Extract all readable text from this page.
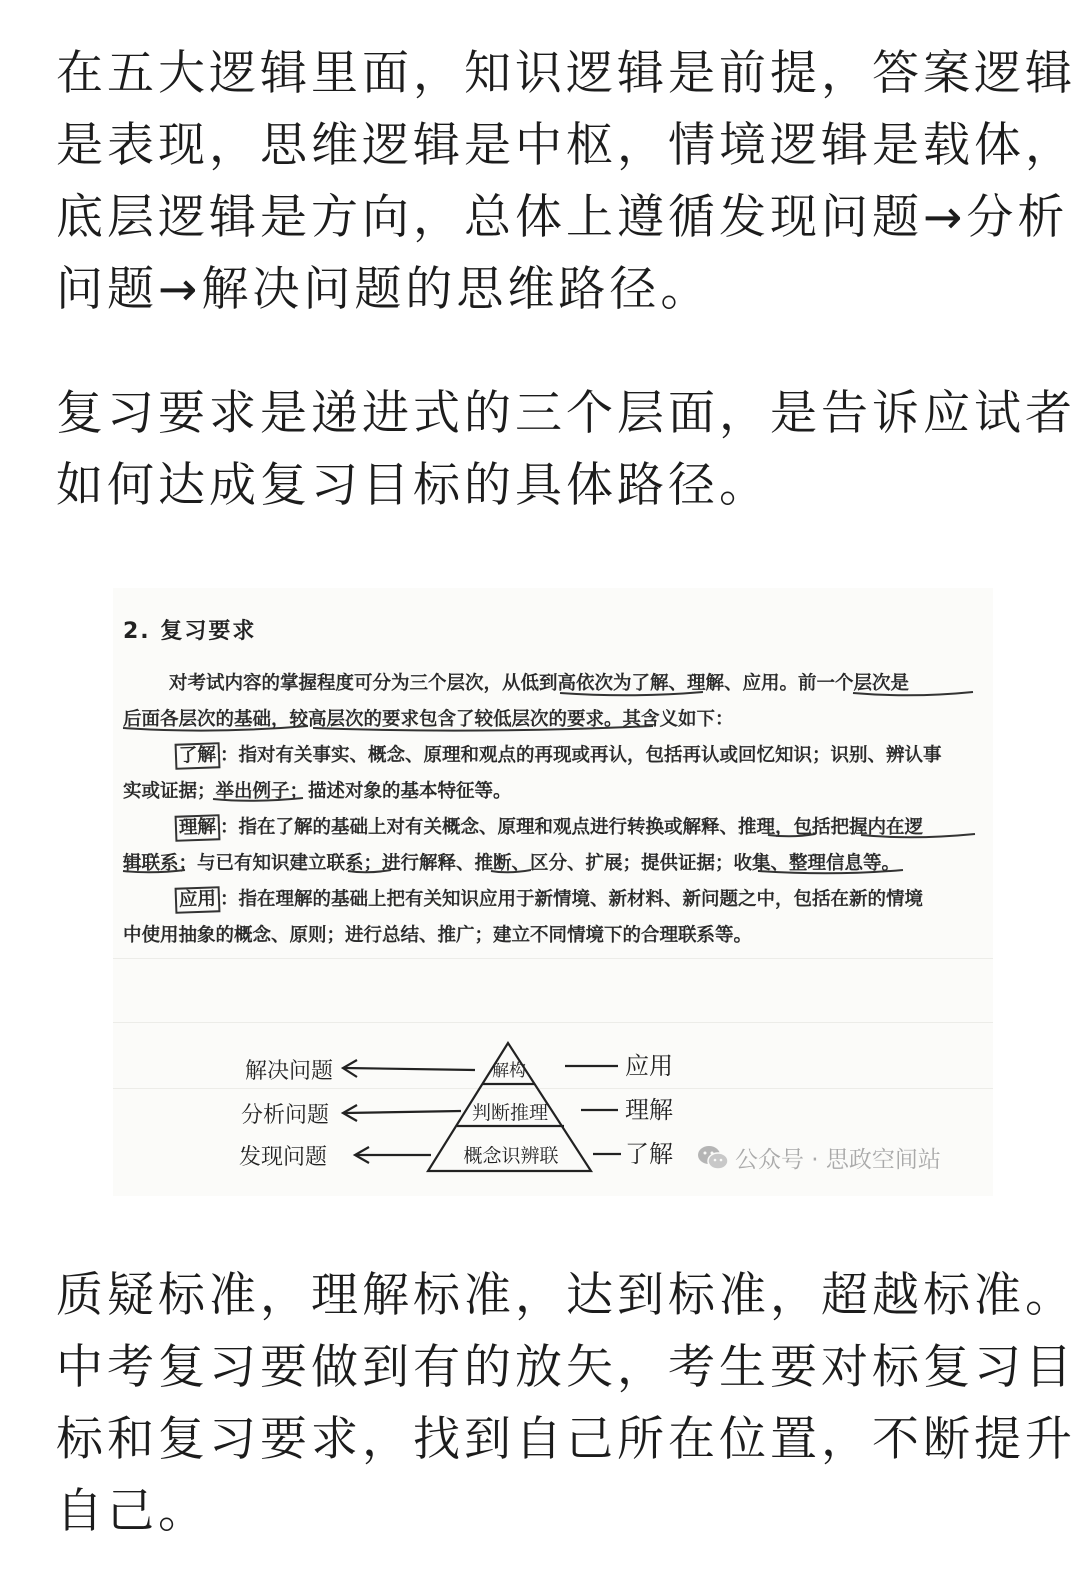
在五大逻辑里面，知识逻辑是前提，答案逻辑
是表现，思维逻辑是中枢，情境逻辑是载体，
底层逻辑是方向，总体上遵循发现问题→分析
问题→解决问题的思维路径。

复习要求是递进式的三个层面，是告诉应试者
如何达成复习目标的具体路径。

2. 复习要求
对考试内容的掌握程度可分为三个层次，从低到高依次为了解、理解、应用。前一个层次是
后面各层次的基础，较高层次的要求包含了较低层次的要求。其含义如下：
了解 ：指对有关事实、概念、原理和观点的再现或再认，包括再认或回忆知识；识别、辨认事
实或证据；举出例子；描述对象的基本特征等。
理解 ：指在了解的基础上对有关概念、原理和观点进行转换或解释、推理，包括把握内在逻
辑联系；与已有知识建立联系；进行解释、推断、区分、扩展；提供证据；收集、整理信息等。
应用 ：指在理解的基础上把有关知识应用于新情境、新材料、新问题之中，包括在新的情境
中使用抽象的概念、原则；进行总结、推广；建立不同情境下的合理联系等。
解构
判断推理
概念识辨联
应用
理解
了解
解决问题
分析问题
发现问题	公众号 · 思政空间站

质疑标准，理解标准，达到标准，超越标准。
中考复习要做到有的放矢，考生要对标复习目
标和复习要求，找到自己所在位置，不断提升
自己。
